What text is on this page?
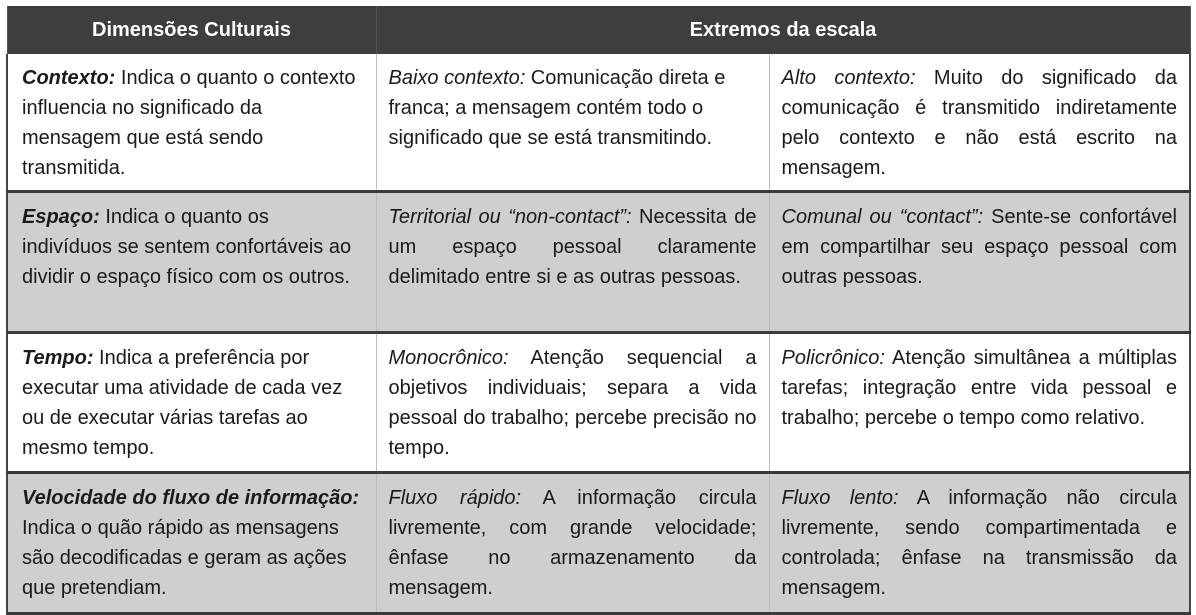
Dimensões Culturais	Extremos da escala	
Contexto: Indica o quanto o contexto influencia no significado da mensagem que está sendo transmitida.	Baixo contexto: Comunicação direta e franca; a mensagem contém todo o significado que se está transmitindo.	Alto contexto: Muito do significado da comunicação é transmitido indiretamente pelo contexto e não está escrito na mensagem.
Espaço: Indica o quanto os indivíduos se sentem confortáveis ao dividir o espaço físico com os outros.	Territorial ou “non-contact”: Necessita de um espaço pessoal claramente delimitado entre si e as outras pessoas.	Comunal ou “contact”: Sente-se confortável em compartilhar seu espaço pessoal com outras pessoas.
Tempo: Indica a preferência por executar uma atividade de cada vez ou de executar várias tarefas ao mesmo tempo.	Monocrônico: Atenção sequencial a objetivos individuais; separa a vida pessoal do trabalho; percebe precisão no tempo.	Policrônico: Atenção simultânea a múltiplas tarefas; integração entre vida pessoal e trabalho; percebe o tempo como relativo.
Velocidade do fluxo de informação: Indica o quão rápido as mensagens são decodificadas e geram as ações que pretendiam.	Fluxo rápido: A informação circula livremente, com grande velocidade; ênfase no armazenamento da mensagem.	Fluxo lento: A informação não circula livremente, sendo compartimentada e controlada; ênfase na transmissão da mensagem.
